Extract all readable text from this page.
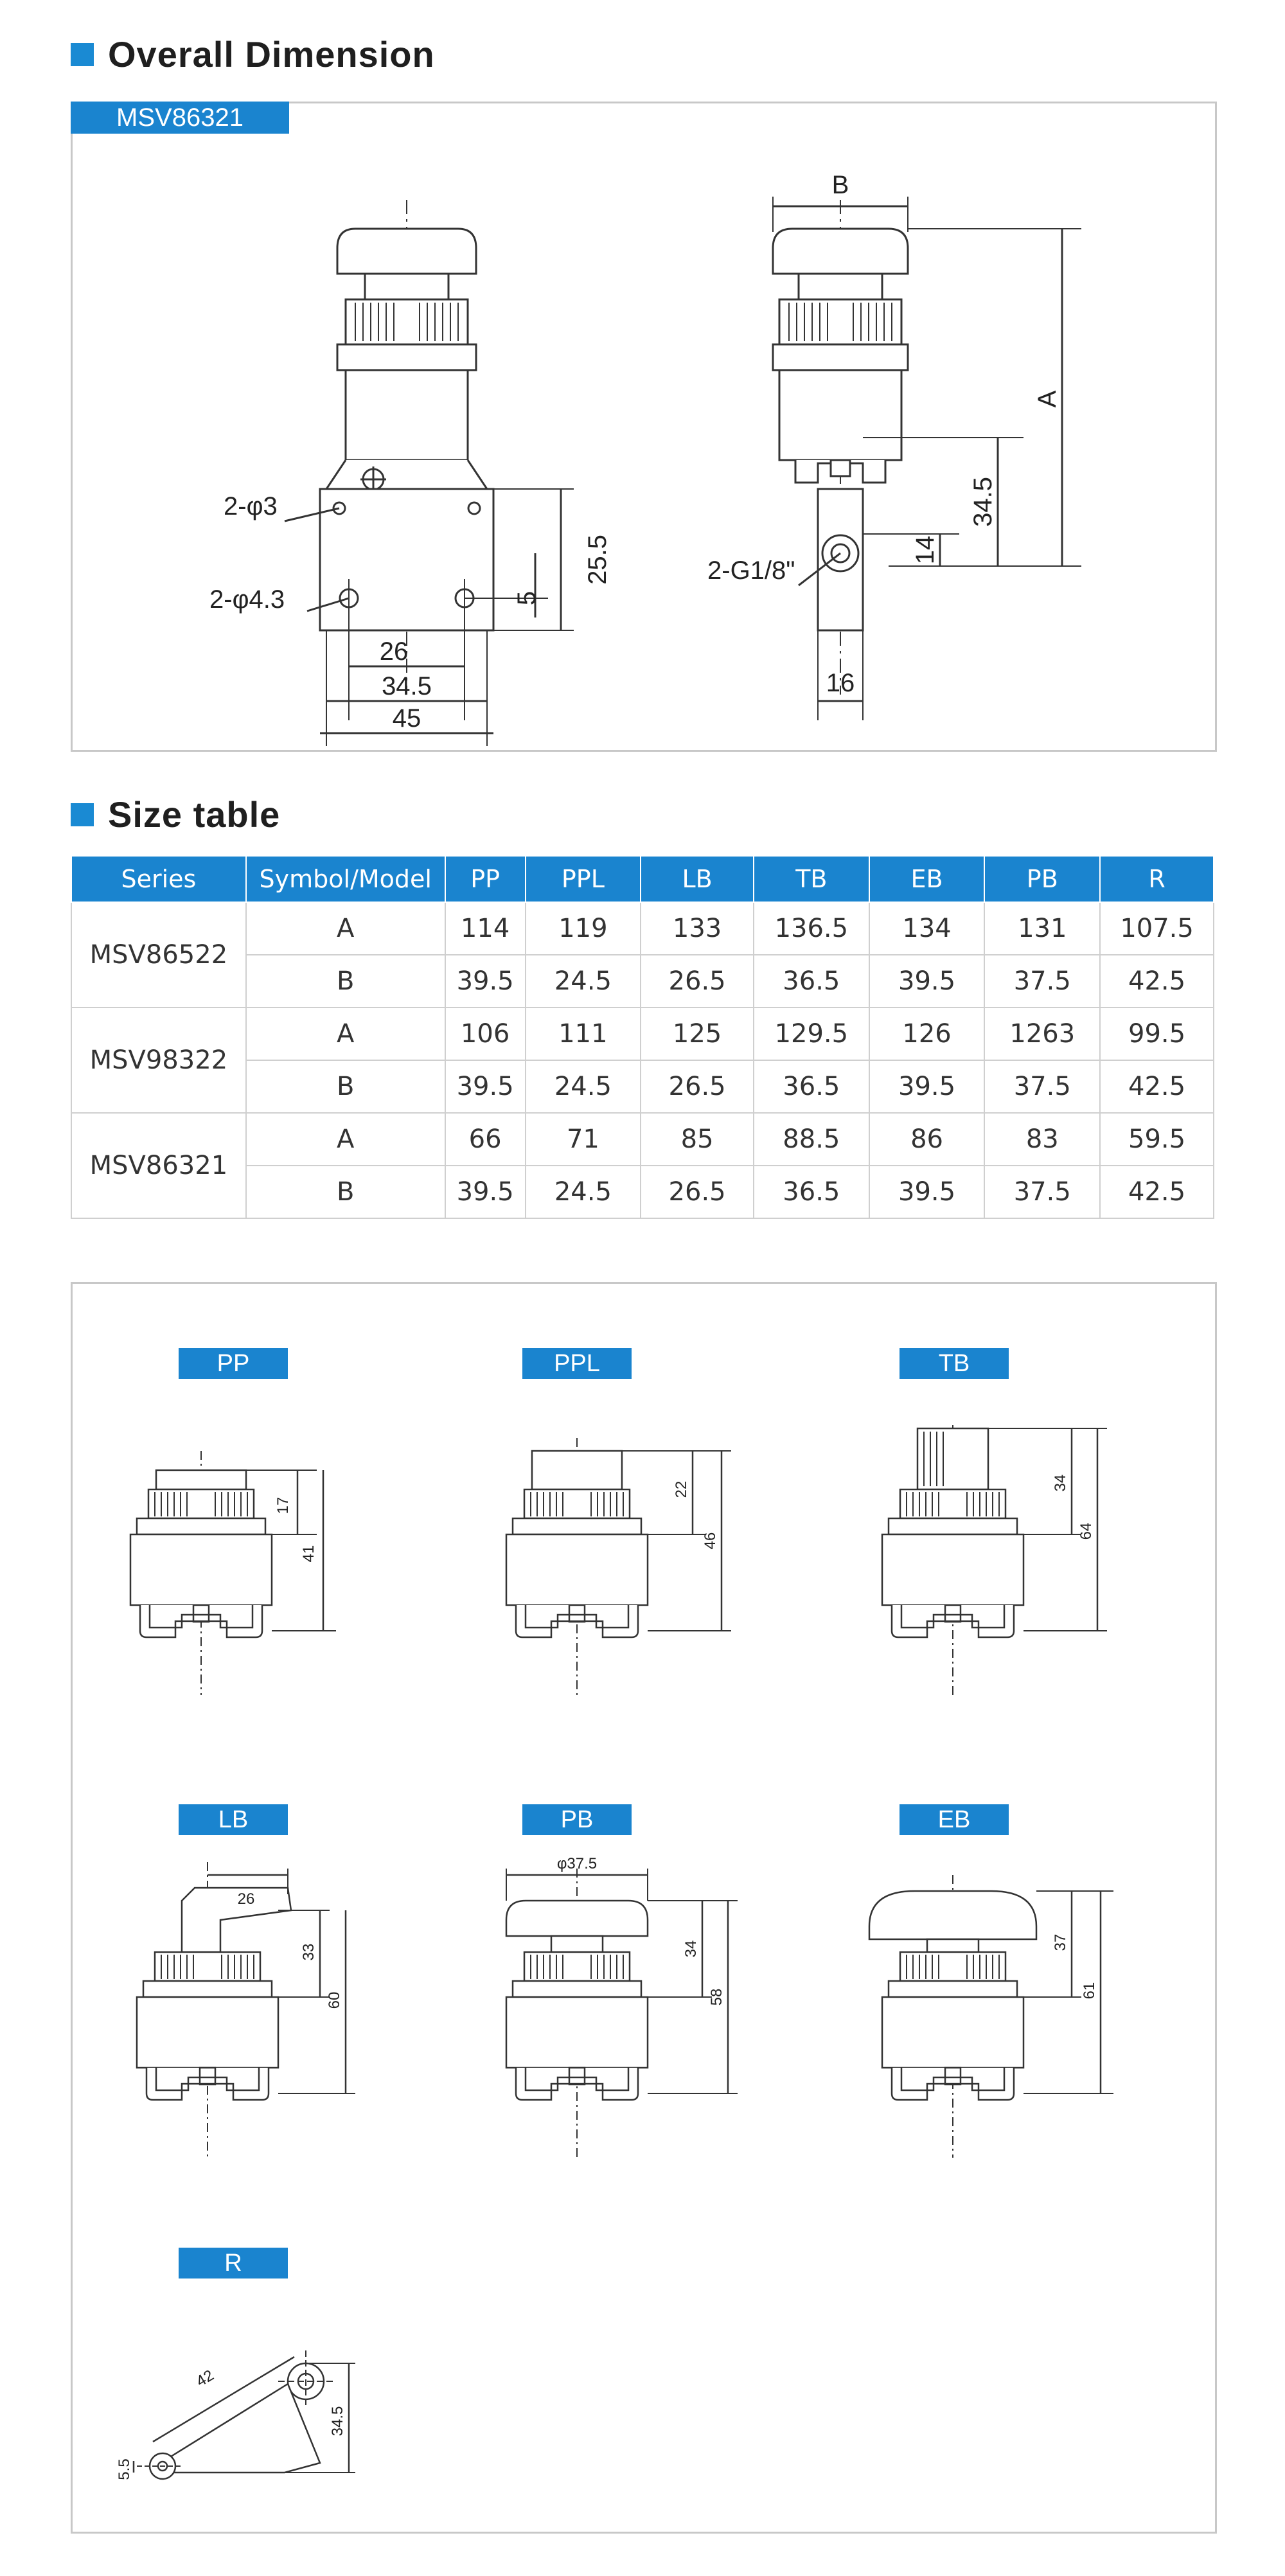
Overall Dimension
2-φ3
2-φ4.3
26
34.5
45
25.5
5
B
A
34.5
14
16
2-G1/8"
MSV86321
Size table
Series	Symbol/Model	PP	PPL	LB	TB	EB	PB	R
MSV86522	A	114	119	133	136.5	134	131	107.5
	B	39.5	24.5	26.5	36.5	39.5	37.5	42.5
MSV98322	A	106	111	125	129.5	126	1263	99.5
	B	39.5	24.5	26.5	36.5	39.5	37.5	42.5
MSV86321	A	66	71	85	88.5	86	83	59.5
	B	39.5	24.5	26.5	36.5	39.5	37.5	42.5
17
41
22
46
34
64
26
33
60
φ37.5
34
58
37
61
42
34.5
5.5
PP	PPL	TB
LB	PB	EB
R
